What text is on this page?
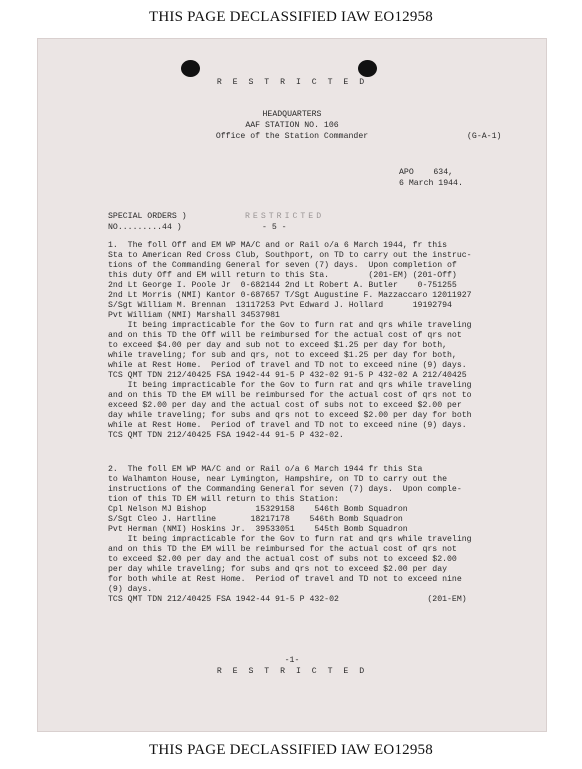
THIS PAGE DECLASSIFIED IAW EO12958
R E S T R I C T E D
HEADQUARTERS
AAF STATION NO. 106
Office of the Station Commander	(G-A-1)
APO    634,
6 March 1944.
SPECIAL ORDERS )	RESTRICTED
NO.........44 )	- 5 -
1.  The foll Off and EM WP MA/C and or Rail o/a 6 March 1944, fr this
Sta to American Red Cross Club, Southport, on TD to carry out the instruc-
tions of the Commanding General for seven (7) days.  Upon completion of
this duty Off and EM will return to this Sta.        (201-EM) (201-Off)
2nd Lt George I. Poole Jr  0-682144 2nd Lt Robert A. Butler    0-751255
2nd Lt Morris (NMI) Kantor 0-687657 T/Sgt Augustine F. Mazzaccaro 12011927
S/Sgt William M. Brennan  13117253 Pvt Edward J. Hollard      19192794
Pvt William (NMI) Marshall 34537981
It being impracticable for the Gov to furn rat and qrs while traveling
and on this TD the Off will be reimbursed for the actual cost of qrs not
to exceed $4.00 per day and sub not to exceed $1.25 per day for both,
while traveling; for sub and qrs, not to exceed $1.25 per day for both,
while at Rest Home.  Period of travel and TD not to exceed nine (9) days.
TCS QMT TDN 212/40425 FSA 1942-44 91-5 P 432-02 91-5 P 432-02 A 212/40425
It being impracticable for the Gov to furn rat and qrs while traveling
and on this TD the EM will be reimbursed for the actual cost of qrs not to
exceed $2.00 per day and the actual cost of subs not to exceed $2.00 per
day while traveling; for subs and qrs not to exceed $2.00 per day for both
while at Rest Home.  Period of travel and TD not to exceed nine (9) days.
TCS QMT TDN 212/40425 FSA 1942-44 91-5 P 432-02.
2.  The foll EM WP MA/C and or Rail o/a 6 March 1944 fr this Sta
to Walhamton House, near Lymington, Hampshire, on TD to carry out the
instructions of the Commanding General for seven (7) days.  Upon comple-
tion of this TD EM will return to this Station:
Cpl Nelson MJ Bishop          15329158    546th Bomb Squadron
S/Sgt Cleo J. Hartline       18217178    546th Bomb Squadron
Pvt Herman (NMI) Hoskins Jr.  39533051    545th Bomb Squadron
It being impracticable for the Gov to furn rat and qrs while traveling
and on this TD the EM will be reimbursed for the actual cost of qrs not
to exceed $2.00 per day and the actual cost of subs not to exceed $2.00
per day while traveling; for subs and qrs not to exceed $2.00 per day
for both while at Rest Home.  Period of travel and TD not to exceed nine
(9) days.
TCS QMT TDN 212/40425 FSA 1942-44 91-5 P 432-02                  (201-EM)
-1-
R E S T R I C T E D
THIS PAGE DECLASSIFIED IAW EO12958
